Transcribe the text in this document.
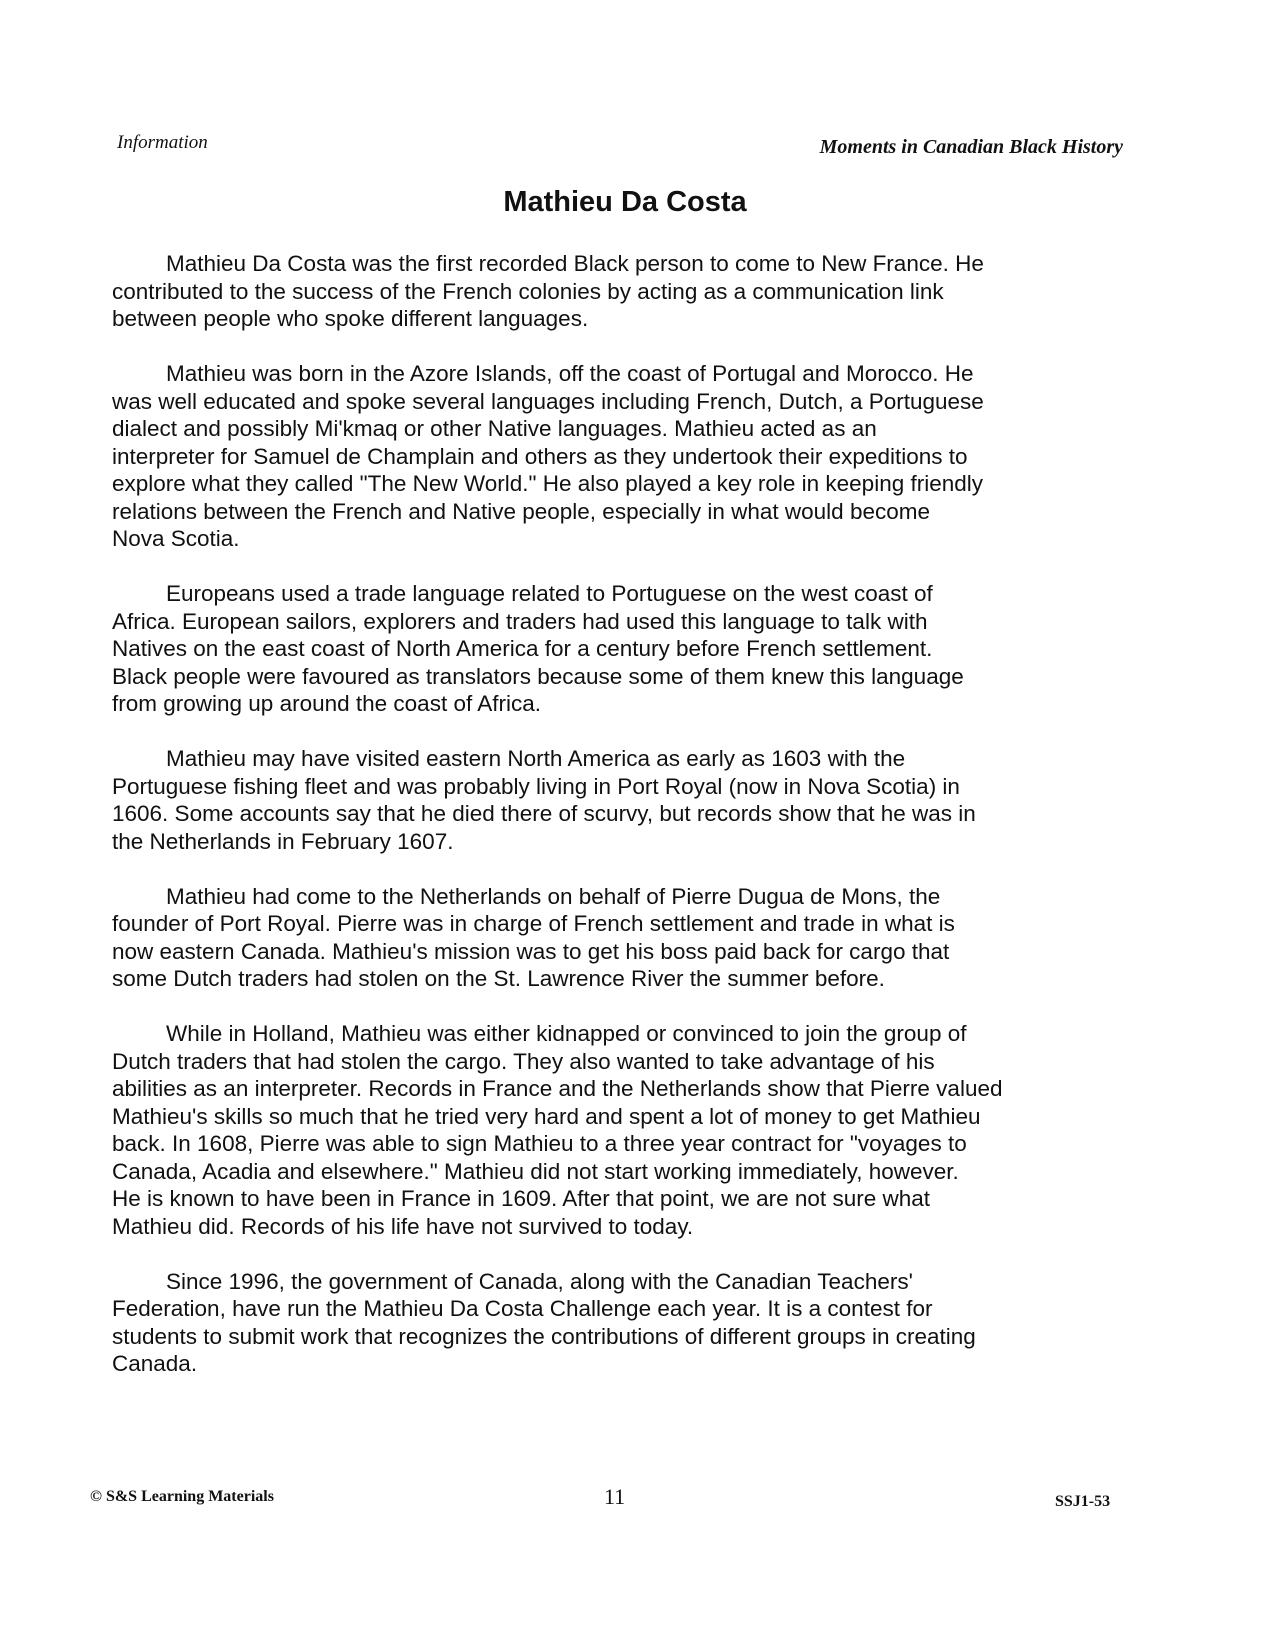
Information	Moments in Canadian Black History
Mathieu Da Costa
Mathieu Da Costa was the first recorded Black person to come to New France. He
contributed to the success of the French colonies by acting as a communication link
between people who spoke different languages.
Mathieu was born in the Azore Islands, off the coast of Portugal and Morocco. He
was well educated and spoke several languages including French, Dutch, a Portuguese
dialect and possibly Mi'kmaq or other Native languages. Mathieu acted as an
interpreter for Samuel de Champlain and others as they undertook their expeditions to
explore what they called "The New World." He also played a key role in keeping friendly
relations between the French and Native people, especially in what would become
Nova Scotia.
Europeans used a trade language related to Portuguese on the west coast of
Africa. European sailors, explorers and traders had used this language to talk with
Natives on the east coast of North America for a century before French settlement.
Black people were favoured as translators because some of them knew this language
from growing up around the coast of Africa.
Mathieu may have visited eastern North America as early as 1603 with the
Portuguese fishing fleet and was probably living in Port Royal (now in Nova Scotia) in
1606. Some accounts say that he died there of scurvy, but records show that he was in
the Netherlands in February 1607.
Mathieu had come to the Netherlands on behalf of Pierre Dugua de Mons, the
founder of Port Royal. Pierre was in charge of French settlement and trade in what is
now eastern Canada. Mathieu's mission was to get his boss paid back for cargo that
some Dutch traders had stolen on the St. Lawrence River the summer before.
While in Holland, Mathieu was either kidnapped or convinced to join the group of
Dutch traders that had stolen the cargo. They also wanted to take advantage of his
abilities as an interpreter. Records in France and the Netherlands show that Pierre valued
Mathieu's skills so much that he tried very hard and spent a lot of money to get Mathieu
back. In 1608, Pierre was able to sign Mathieu to a three year contract for "voyages to
Canada, Acadia and elsewhere." Mathieu did not start working immediately, however.
He is known to have been in France in 1609. After that point, we are not sure what
Mathieu did. Records of his life have not survived to today.
Since 1996, the government of Canada, along with the Canadian Teachers'
Federation, have run the Mathieu Da Costa Challenge each year. It is a contest for
students to submit work that recognizes the contributions of different groups in creating
Canada.
© S&S Learning Materials	11	SSJ1-53
